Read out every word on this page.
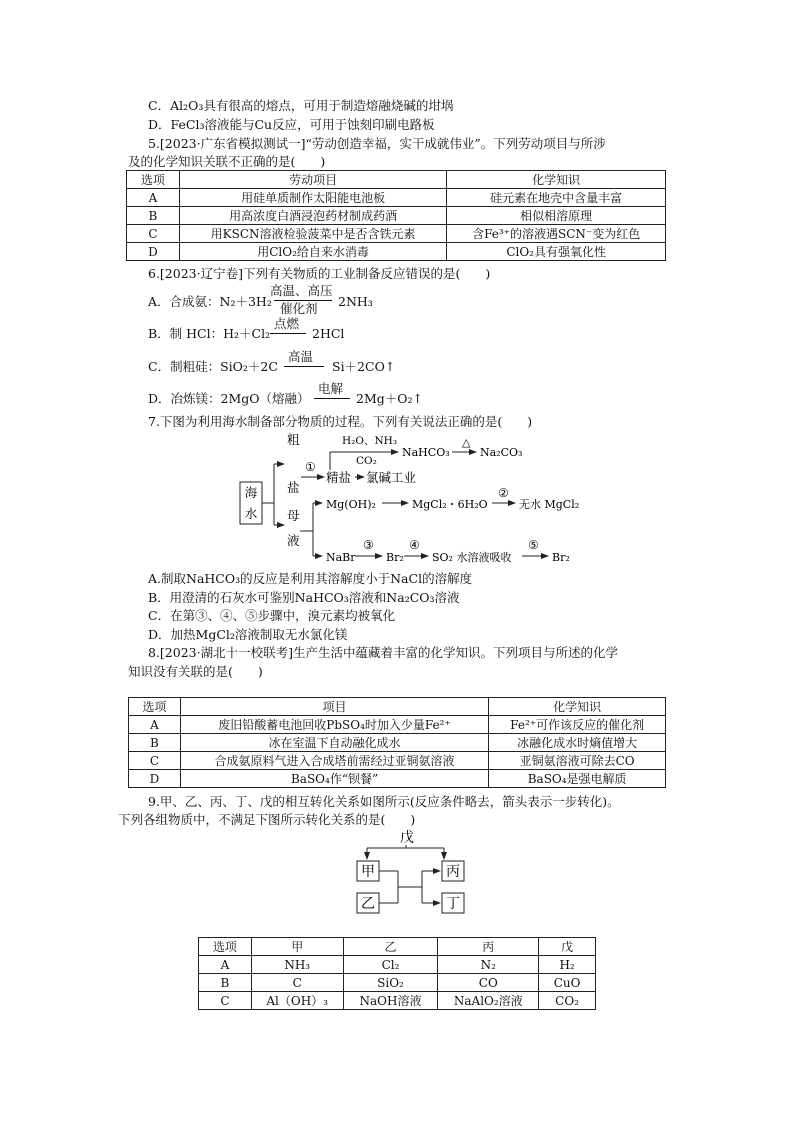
C．Al₂O₃具有很高的熔点，可用于制造熔融烧碱的坩埚
D．FeCl₃溶液能与Cu反应，可用于蚀刻印刷电路板
5.[2023·广东省模拟测试一]“劳动创造幸福，实干成就伟业”。下列劳动项目与所涉
及的化学知识关联不正确的是(　　)
选项	劳动项目	化学知识
A	用硅单质制作太阳能电池板	硅元素在地壳中含量丰富
B	用高浓度白酒浸泡药材制成药酒	相似相溶原理
C	用KSCN溶液检验菠菜中是否含铁元素	含Fe³⁺的溶液遇SCN⁻变为红色
D	用ClO₂给自来水消毒	ClO₂具有强氧化性
6.[2023·辽宁卷]下列有关物质的工业制备反应错误的是(　　)
A．合成氨：N₂＋3H₂
高温、高压
催化剂 2NH₃
B．制 HCl：H₂＋Cl₂
点燃
2HCl
C．制粗硅：SiO₂＋2C
高温
Si＋2CO↑
D．冶炼镁：2MgO（熔融）
电解
2Mg＋O₂↑
7.下图为利用海水制备部分物质的过程。下列有关说法正确的是(　　)
海
水
粗
盐
母
液
①
精盐 氯碱工业
H₂O、NH₃
CO₂
NaHCO₃
△
Na₂CO₃
Mg(OH)₂	MgCl₂・6H₂O
②
无水 MgCl₂
NaBr
③
Br₂
④
SO₂ 水溶液吸收
⑤
Br₂
A.制取NaHCO₃的反应是利用其溶解度小于NaCl的溶解度
B．用澄清的石灰水可鉴别NaHCO₃溶液和Na₂CO₃溶液
C．在第③、④、⑤步骤中，溴元素均被氧化
D．加热MgCl₂溶液制取无水氯化镁
8.[2023·湖北十一校联考]生产生活中蕴藏着丰富的化学知识。下列项目与所述的化学
知识没有关联的是(　　)
选项	项目	化学知识
A	废旧铅酸蓄电池回收PbSO₄时加入少量Fe²⁺	Fe²⁺可作该反应的催化剂
B	冰在室温下自动融化成水	冰融化成水时熵值增大
C	合成氨原料气进入合成塔前需经过亚铜氨溶液	亚铜氨溶液可除去CO
D	BaSO₄作“钡餐”	BaSO₄是强电解质
9.甲、乙、丙、丁、戊的相互转化关系如图所示(反应条件略去，箭头表示一步转化)。
下列各组物质中，不满足下图所示转化关系的是(　　)
戊
甲
乙
丙
丁
选项	甲	乙	丙	戊
A	NH₃	Cl₂	N₂	H₂
B	C	SiO₂	CO	CuO
C	Al（OH）₃	NaOH溶液	NaAlO₂溶液	CO₂
